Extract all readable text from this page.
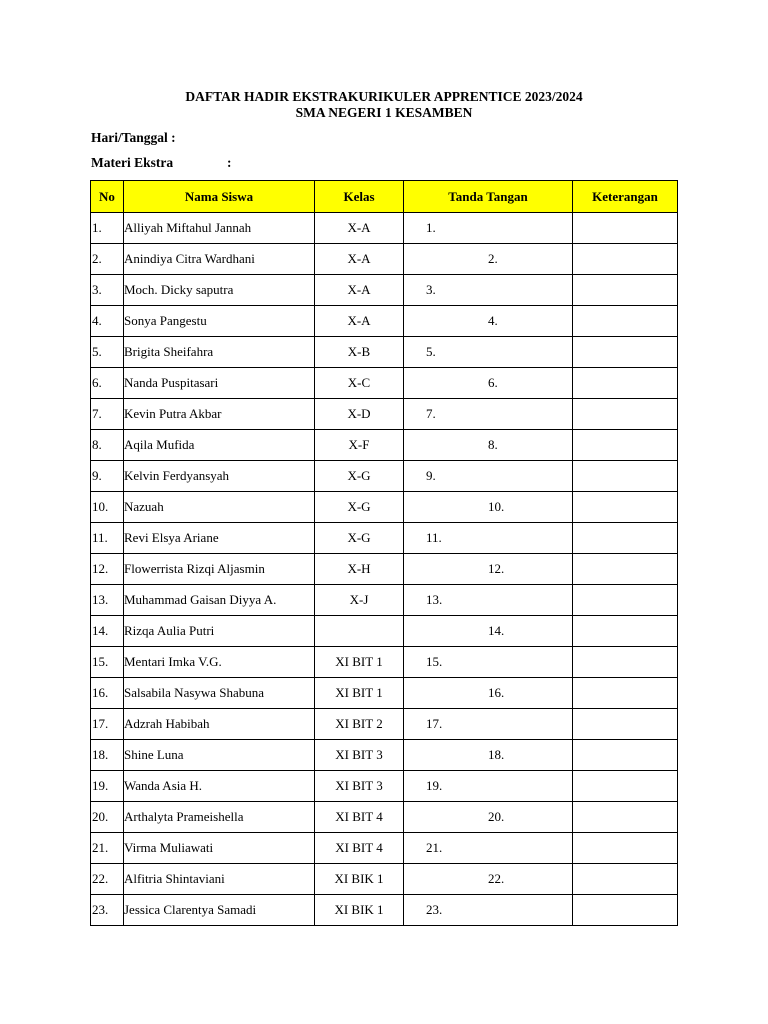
DAFTAR HADIR EKSTRAKURIKULER APPRENTICE 2023/2024
SMA NEGERI 1 KESAMBEN
Hari/Tanggal :
Materi Ekstra	:
No	Nama Siswa	Kelas	Tanda Tangan	Keterangan
1.	Alliyah Miftahul Jannah	X-A	1.	

2.	Anindiya Citra Wardhani	X-A	2.	

3.	Moch. Dicky saputra	X-A	3.	

4.	Sonya Pangestu	X-A	4.	

5.	Brigita Sheifahra	X-B	5.	

6.	Nanda Puspitasari	X-C	6.	

7.	Kevin Putra Akbar	X-D	7.	

8.	Aqila Mufida	X-F	8.	

9.	Kelvin Ferdyansyah	X-G	9.	

10.	Nazuah	X-G	10.	

11.	Revi Elsya Ariane	X-G	11.	

12.	Flowerrista Rizqi Aljasmin	X-H	12.	

13.	Muhammad Gaisan Diyya A.	X-J	13.	

14.	Rizqa Aulia Putri		14.	

15.	Mentari Imka V.G.	XI BIT 1	15.	

16.	Salsabila Nasywa Shabuna	XI BIT 1	16.	

17.	Adzrah Habibah	XI BIT 2	17.	

18.	Shine Luna	XI BIT 3	18.	

19.	Wanda Asia H.	XI BIT 3	19.	

20.	Arthalyta Prameishella	XI BIT 4	20.	

21.	Virma Muliawati	XI BIT 4	21.	

22.	Alfitria Shintaviani	XI BIK 1	22.	

23.	Jessica Clarentya Samadi	XI BIK 1	23.	
